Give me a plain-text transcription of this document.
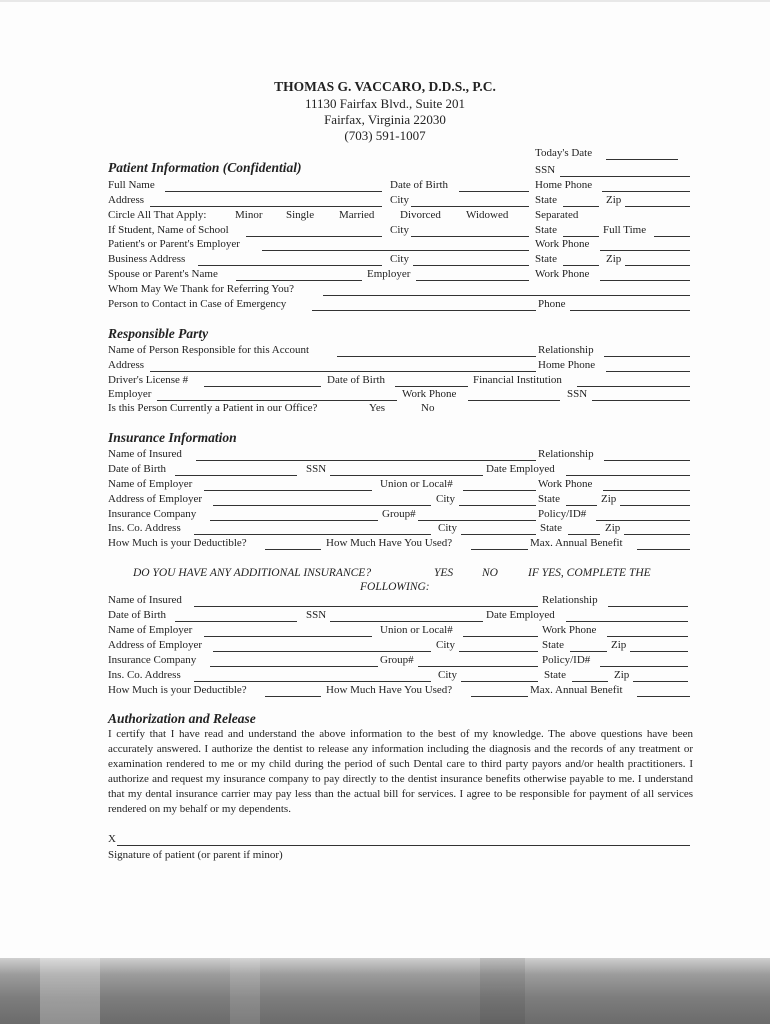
THOMAS G. VACCARO, D.D.S., P.C.
11130 Fairfax Blvd., Suite 201
Fairfax, Virginia 22030
(703) 591-1007
Today's Date
Patient Information (Confidential)	SSN
Full Name	Date of Birth	Home Phone
Address	City	State	Zip
Circle All That Apply:	Minor Single Married Divorced Widowed Separated
If Student, Name of School	City	State	Full Time
Patient's or Parent's Employer	Work Phone
Business Address	City	State	Zip
Spouse or Parent's Name	Employer	Work Phone
Whom May We Thank for Referring You?
Person to Contact in Case of Emergency	Phone
Responsible Party
Name of Person Responsible for this Account	Relationship
Address	Home Phone
Driver's License #	Date of Birth	Financial Institution
Employer	Work Phone	SSN
Is this Person Currently a Patient in our Office?	Yes	No
Insurance Information
Name of Insured	Relationship
Date of Birth	SSN	Date Employed
Name of Employer	Union or Local#	Work Phone
Address of Employer	City	State	Zip
Insurance Company	Group#	Policy/ID#
Ins. Co. Address	City	State	Zip
How Much is your Deductible?	How Much Have You Used?	Max. Annual Benefit
DO YOU HAVE ANY ADDITIONAL INSURANCE?	YES	NO	IF YES, COMPLETE THE
FOLLOWING:
Name of Insured	Relationship
Date of Birth	SSN	Date Employed
Name of Employer	Union or Local#	Work Phone
Address of Employer	City	State	Zip
Insurance Company	Group#	Policy/ID#
Ins. Co. Address	City	State	Zip
How Much is your Deductible?	How Much Have You Used?	Max. Annual Benefit
Authorization and Release
I certify that I have read and understand the above information to the best of my knowledge. The above questions have been accurately answered. I authorize the dentist to release any information including the diagnosis and the records of any treatment or examination rendered to me or my child during the period of such Dental care to third party payors and/or health practitioners. I authorize and request my insurance company to pay directly to the dentist insurance benefits otherwise payable to me. I understand that my dental insurance carrier may pay less than the actual bill for services. I agree to be responsible for payment of all services rendered on my behalf or my dependents.
X
Signature of patient (or parent if minor)
